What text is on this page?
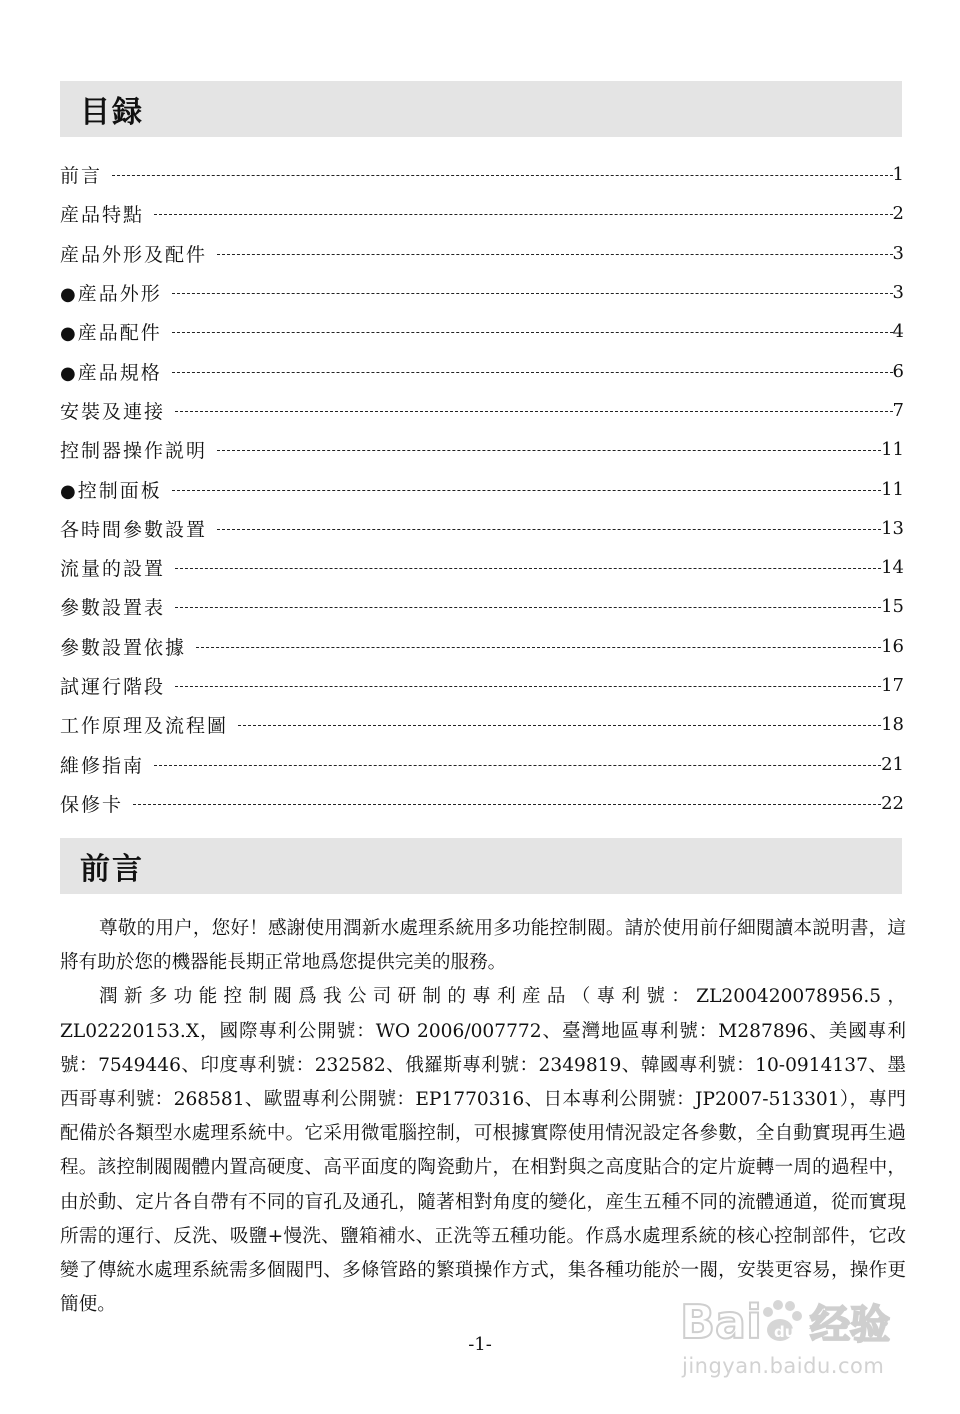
目録
前言	1
産品特點	2
産品外形及配件	3
● 産品外形	3
● 産品配件	4
● 産品規格	6
安裝及連接	7
控制器操作説明	11
● 控制面板	11
各時間參數設置	13
流量的設置	14
參數設置表	15
參數設置依據	16
試運行階段	17
工作原理及流程圖	18
維修指南	21
保修卡	22
前言

尊敬的用户，您好！感謝使用潤新水處理系統用多功能控制閥。請於使用前仔細閱讀本説明書，這將有助於您的機器能長期正常地爲您提供完美的服務。

潤新多功能控制閥爲我公司研制的專利産品（專利號：ZL200420078956.5，ZL02220153.X，國際專利公開號：WO 2006/007772、臺灣地區專利號：M287896、美國專利號：7549446、印度專利號：232582、俄羅斯專利號：2349819、韓國專利號：10-0914137、墨西哥專利號：268581、歐盟專利公開號：EP1770316、日本專利公開號：JP2007-513301），專門配備於各類型水處理系統中。它采用微電腦控制，可根據實際使用情況設定各參數，全自動實現再生過程。該控制閥閥體内置高硬度、高平面度的陶瓷動片，在相對與之高度貼合的定片旋轉一周的過程中，由於動、定片各自帶有不同的盲孔及通孔，隨著相對角度的變化，産生五種不同的流體通道，從而實現所需的運行、反洗、吸鹽+慢洗、鹽箱補水、正洗等五種功能。作爲水處理系統的核心控制部件，它改變了傳統水處理系統需多個閥門、多條管路的繁瑣操作方式，集各種功能於一閥，安裝更容易，操作更簡便。

-1-	Bai du 经验
jingyan.baidu.com
